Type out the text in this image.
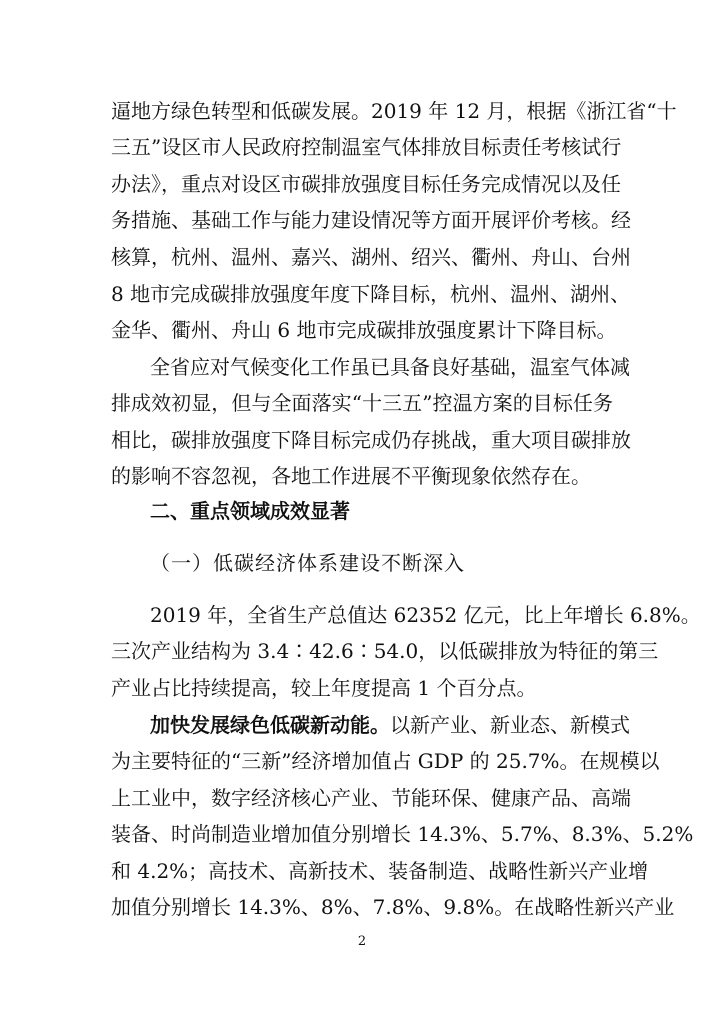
逼地方绿色转型和低碳发展。2019 年 12 月，根据《浙江省“十
三五”设区市人民政府控制温室气体排放目标责任考核试行
办法》，重点对设区市碳排放强度目标任务完成情况以及任
务措施、基础工作与能力建设情况等方面开展评价考核。经
核算，杭州、温州、嘉兴、湖州、绍兴、衢州、舟山、台州
8 地市完成碳排放强度年度下降目标，杭州、温州、湖州、
金华、衢州、舟山 6 地市完成碳排放强度累计下降目标。
全省应对气候变化工作虽已具备良好基础，温室气体减
排成效初显，但与全面落实“十三五”控温方案的目标任务
相比，碳排放强度下降目标完成仍存挑战，重大项目碳排放
的影响不容忽视，各地工作进展不平衡现象依然存在。
二、重点领域成效显著
（一）低碳经济体系建设不断深入
2019 年，全省生产总值达 62352 亿元，比上年增长 6.8%。
三次产业结构为 3.4∶42.6∶54.0，以低碳排放为特征的第三
产业占比持续提高，较上年度提高 1 个百分点。
加快发展绿色低碳新动能。以新产业、新业态、新模式
为主要特征的“三新”经济增加值占 GDP 的 25.7%。在规模以
上工业中，数字经济核心产业、节能环保、健康产品、高端
装备、时尚制造业增加值分别增长 14.3%、5.7%、8.3%、5.2%
和 4.2%；高技术、高新技术、装备制造、战略性新兴产业增
加值分别增长 14.3%、8%、7.8%、9.8%。在战略性新兴产业
2
